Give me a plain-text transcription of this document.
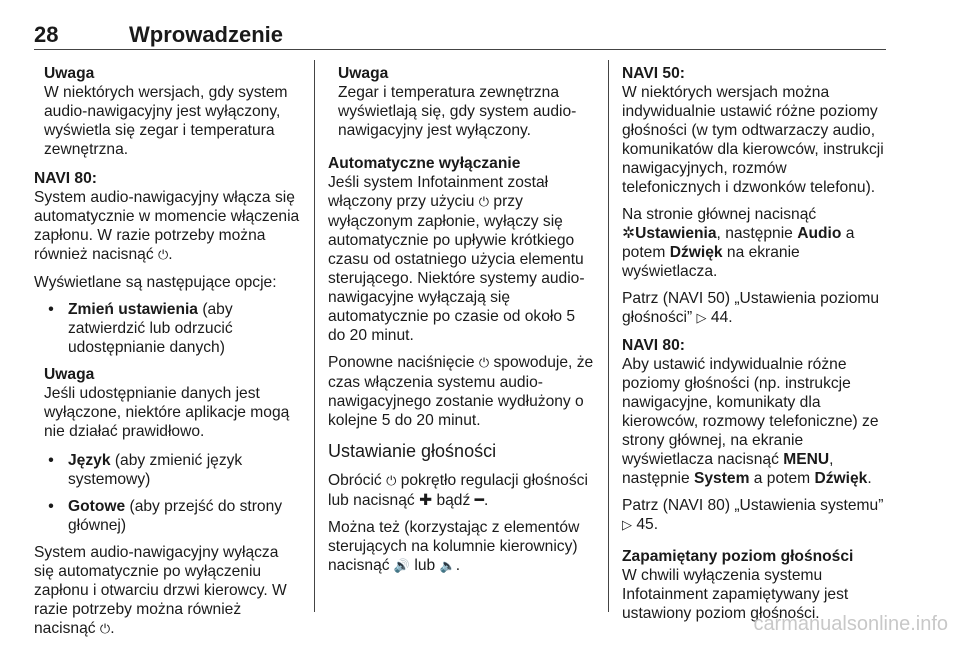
28	Wprowadzenie
Uwaga
W niektórych wersjach, gdy system audio-nawigacyjny jest wyłączony, wyświetla się zegar i temperatura zewnętrzna.
NAVI 80:
System audio-nawigacyjny włącza się automatycznie w momencie włączenia zapłonu. W razie potrzeby można również nacisnąć ⏻.
Wyświetlane są następujące opcje:
• Zmień ustawienia (aby zatwierdzić lub odrzucić udostępnianie danych)
Uwaga
Jeśli udostępnianie danych jest wyłączone, niektóre aplikacje mogą nie działać prawidłowo.
• Język (aby zmienić język systemowy)
• Gotowe (aby przejść do strony głównej)
System audio-nawigacyjny wyłącza się automatycznie po wyłączeniu zapłonu i otwarciu drzwi kierowcy. W razie potrzeby można również nacisnąć ⏻.
Uwaga
Zegar i temperatura zewnętrzna wyświetlają się, gdy system audio-nawigacyjny jest wyłączony.
Automatyczne wyłączanie
Jeśli system Infotainment został włączony przy użyciu ⏻ przy wyłączonym zapłonie, wyłączy się automatycznie po upływie krótkiego czasu od ostatniego użycia elementu sterującego. Niektóre systemy audio-nawigacyjne wyłączają się automatycznie po czasie od około 5 do 20 minut.
Ponowne naciśnięcie ⏻ spowoduje, że czas włączenia systemu audio-nawigacyjnego zostanie wydłużony o kolejne 5 do 20 minut.
Ustawianie głośności
Obrócić ⏻ pokrętło regulacji głośności lub nacisnąć ✚ bądź ━.
Można też (korzystając z elementów sterujących na kolumnie kierownicy) nacisnąć 🔊 lub 🔈.
NAVI 50:
W niektórych wersjach można indywidualnie ustawić różne poziomy głośności (w tym odtwarzaczy audio, komunikatów dla kierowców, instrukcji nawigacyjnych, rozmów telefonicznych i dzwonków telefonu).
Na stronie głównej nacisnąć ✲Ustawienia, następnie Audio a potem Dźwięk na ekranie wyświetlacza.
Patrz (NAVI 50) „Ustawienia poziomu głośności” ▷ 44.
NAVI 80:
Aby ustawić indywidualnie różne poziomy głośności (np. instrukcje nawigacyjne, komunikaty dla kierowców, rozmowy telefoniczne) ze strony głównej, na ekranie wyświetlacza nacisnąć MENU, następnie System a potem Dźwięk.
Patrz (NAVI 80) „Ustawienia systemu” ▷ 45.
Zapamiętany poziom głośności
W chwili wyłączenia systemu Infotainment zapamiętywany jest ustawiony poziom głośności.
carmanualsonline.info
